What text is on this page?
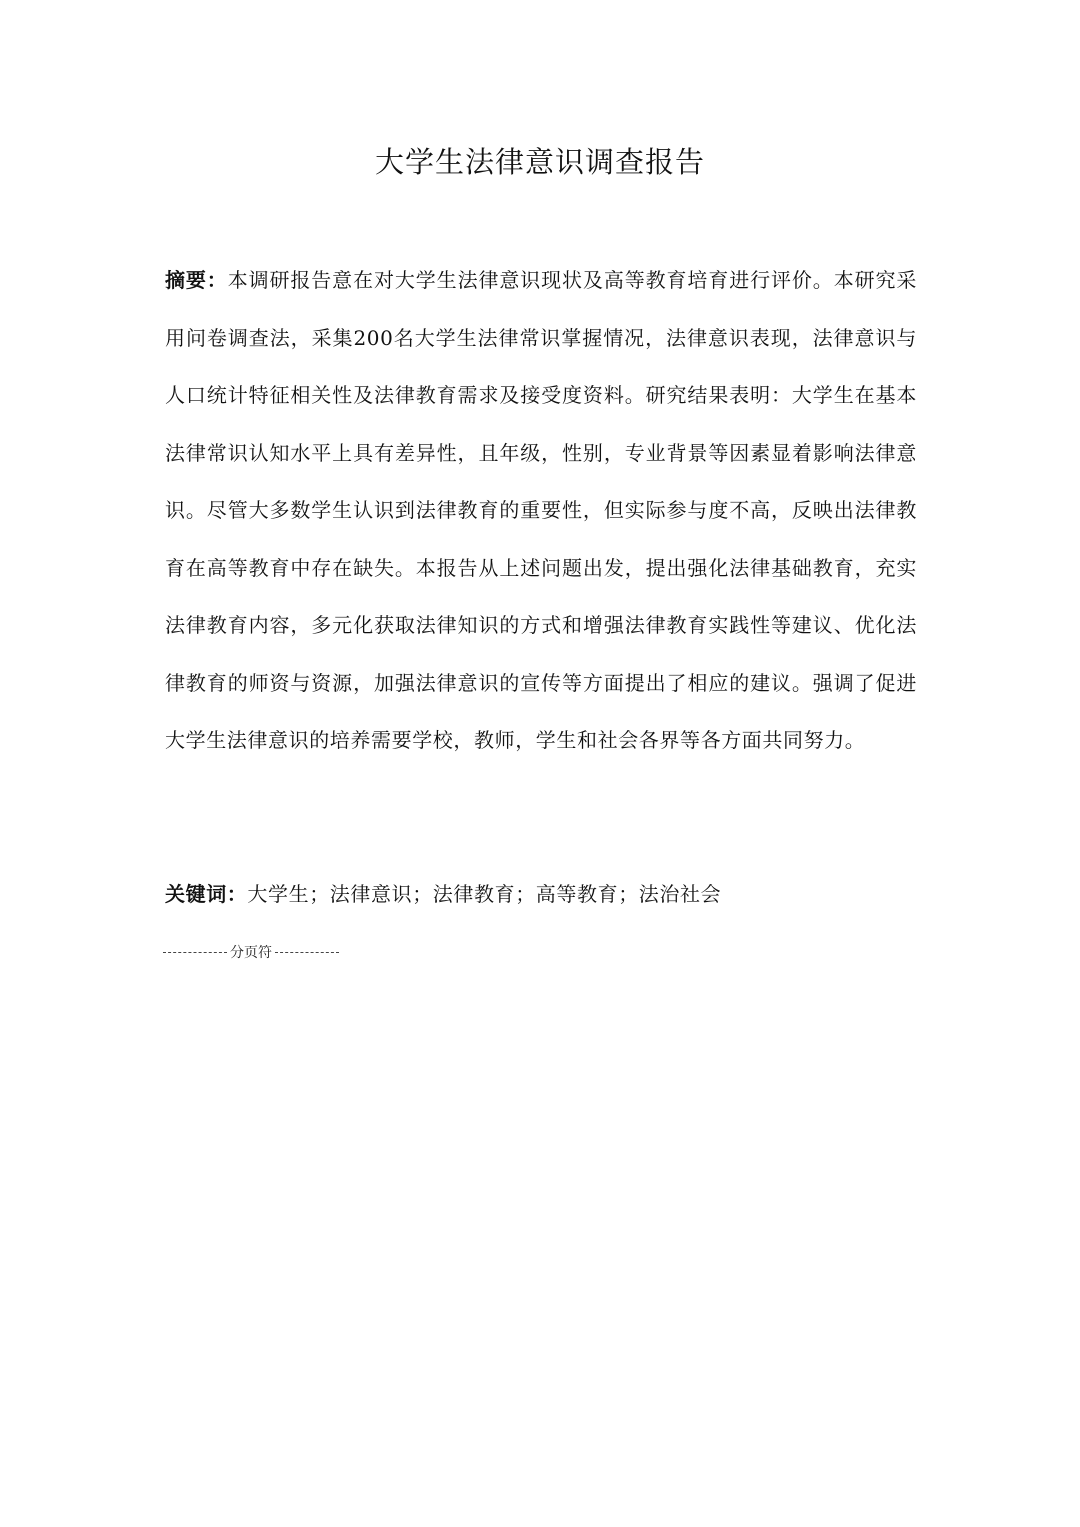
大学生法律意识调查报告

摘要：本调研报告意在对大学生法律意识现状及高等教育培育进行评价。本研究采用问卷调查法，采集200名大学生法律常识掌握情况，法律意识表现，法律意识与人口统计特征相关性及法律教育需求及接受度资料。研究结果表明：大学生在基本法律常识认知水平上具有差异性，且年级，性别，专业背景等因素显着影响法律意识。尽管大多数学生认识到法律教育的重要性，但实际参与度不高，反映出法律教育在高等教育中存在缺失。本报告从上述问题出发，提出强化法律基础教育，充实法律教育内容，多元化获取法律知识的方式和增强法律教育实践性等建议、优化法律教育的师资与资源，加强法律意识的宣传等方面提出了相应的建议。强调了促进大学生法律意识的培养需要学校，教师，学生和社会各界等各方面共同努力。

关键词：大学生；法律意识；法律教育；高等教育；法治社会

分页符
